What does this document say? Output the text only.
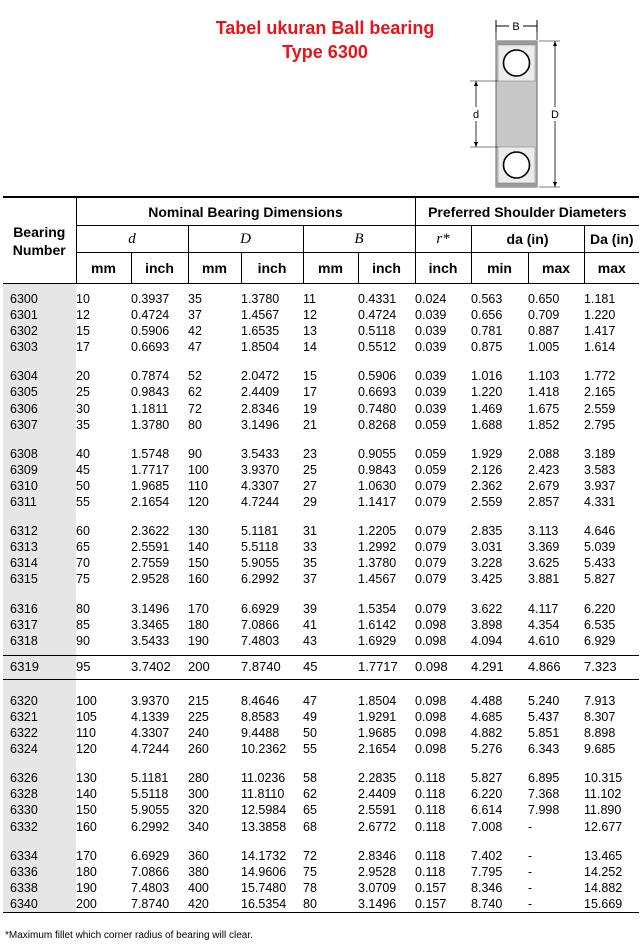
Tabel ukuran Ball bearing
Type 6300
B
d	D
Bearing Number	Nominal Bearing Dimensions						Preferred Shoulder Diameters			
	d		D		B		r*	da (in)		Da (in)
	mm	inch	mm	inch	mm	inch	inch	min	max	max
6300	10	0.3937	35	1.3780	11	0.4331	0.024	0.563	0.650	1.181
6301	12	0.4724	37	1.4567	12	0.4724	0.039	0.656	0.709	1.220
6302	15	0.5906	42	1.6535	13	0.5118	0.039	0.781	0.887	1.417
6303	17	0.6693	47	1.8504	14	0.5512	0.039	0.875	1.005	1.614
6304	20	0.7874	52	2.0472	15	0.5906	0.039	1.016	1.103	1.772
6305	25	0.9843	62	2.4409	17	0.6693	0.039	1.220	1.418	2.165
6306	30	1.1811	72	2.8346	19	0.7480	0.039	1.469	1.675	2.559
6307	35	1.3780	80	3.1496	21	0.8268	0.059	1.688	1.852	2.795
6308	40	1.5748	90	3.5433	23	0.9055	0.059	1.929	2.088	3.189
6309	45	1.7717	100	3.9370	25	0.9843	0.059	2.126	2.423	3.583
6310	50	1.9685	110	4.3307	27	1.0630	0.079	2.362	2.679	3.937
6311	55	2.1654	120	4.7244	29	1.1417	0.079	2.559	2.857	4.331
6312	60	2.3622	130	5.1181	31	1.2205	0.079	2.835	3.113	4.646
6313	65	2.5591	140	5.5118	33	1.2992	0.079	3.031	3.369	5.039
6314	70	2.7559	150	5.9055	35	1.3780	0.079	3.228	3.625	5.433
6315	75	2.9528	160	6.2992	37	1.4567	0.079	3.425	3.881	5.827
6316	80	3.1496	170	6.6929	39	1.5354	0.079	3.622	4.117	6.220
6317	85	3.3465	180	7.0866	41	1.6142	0.098	3.898	4.354	6.535
6318	90	3.5433	190	7.4803	43	1.6929	0.098	4.094	4.610	6.929
6319	95	3.7402	200	7.8740	45	1.7717	0.098	4.291	4.866	7.323
6320	100	3.9370	215	8.4646	47	1.8504	0.098	4.488	5.240	7.913
6321	105	4.1339	225	8.8583	49	1.9291	0.098	4.685	5.437	8.307
6322	110	4.3307	240	9.4488	50	1.9685	0.098	4.882	5.851	8.898
6324	120	4.7244	260	10.2362	55	2.1654	0.098	5.276	6.343	9.685
6326	130	5.1181	280	11.0236	58	2.2835	0.118	5.827	6.895	10.315
6328	140	5.5118	300	11.8110	62	2.4409	0.118	6.220	7.368	11.102
6330	150	5.9055	320	12.5984	65	2.5591	0.118	6.614	7.998	11.890
6332	160	6.2992	340	13.3858	68	2.6772	0.118	7.008	-	12.677
6334	170	6.6929	360	14.1732	72	2.8346	0.118	7.402	-	13.465
6336	180	7.0866	380	14.9606	75	2.9528	0.118	7.795	-	14.252
6338	190	7.4803	400	15.7480	78	3.0709	0.157	8.346	-	14.882
6340	200	7.8740	420	16.5354	80	3.1496	0.157	8.740	-	15.669
*Maximum fillet which corner radius of bearing will clear.
